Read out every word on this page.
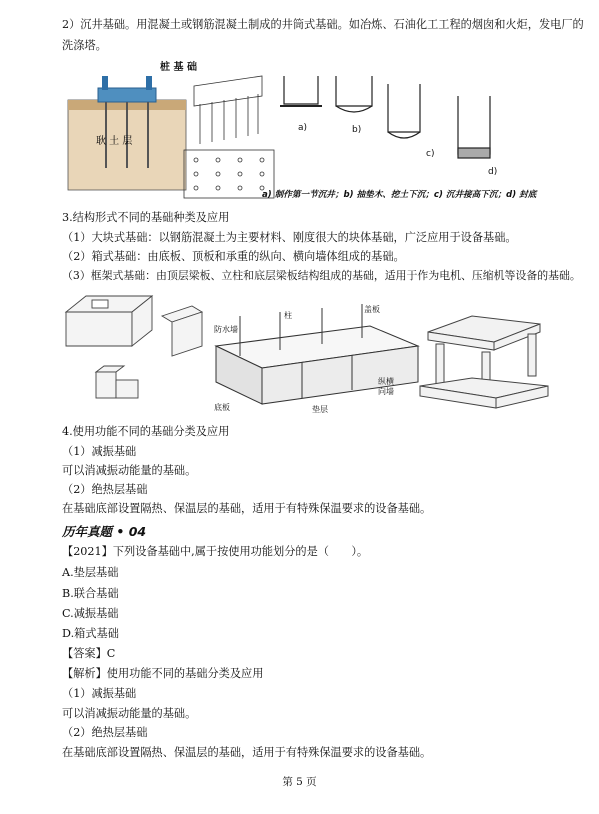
2）沉井基础。用混凝土或钢筋混凝土制成的井筒式基础。如冶炼、石油化工工程的烟囱和火炬，发电厂的
洗涤塔。
耿 土 层
桩 基 础
a)	b)
c)
d)
a) 制作第一节沉井；b) 抽垫木、挖土下沉；c) 沉井接高下沉；d) 封底
3.结构形式不同的基础种类及应用
（1）大块式基础：以钢筋混凝土为主要材料、刚度很大的块体基础，广泛应用于设备基础。
（2）箱式基础：由底板、顶板和承重的纵向、横向墙体组成的基础。
（3）框架式基础：由顶层梁板、立柱和底层梁板结构组成的基础，适用于作为电机、压缩机等设备的基础。
柱
盖板
防水墙
纵横
向墙
底板	垫层
4.使用功能不同的基础分类及应用
（1）减振基础
可以消减振动能量的基础。
（2）绝热层基础
在基础底部设置隔热、保温层的基础，适用于有特殊保温要求的设备基础。
历年真题 • 04
【2021】下列设备基础中,属于按使用功能划分的是（　　）。
A.垫层基础
B.联合基础
C.减振基础
D.箱式基础
【答案】C
【解析】使用功能不同的基础分类及应用
（1）减振基础
可以消减振动能量的基础。
（2）绝热层基础
在基础底部设置隔热、保温层的基础，适用于有特殊保温要求的设备基础。
第 5 页
